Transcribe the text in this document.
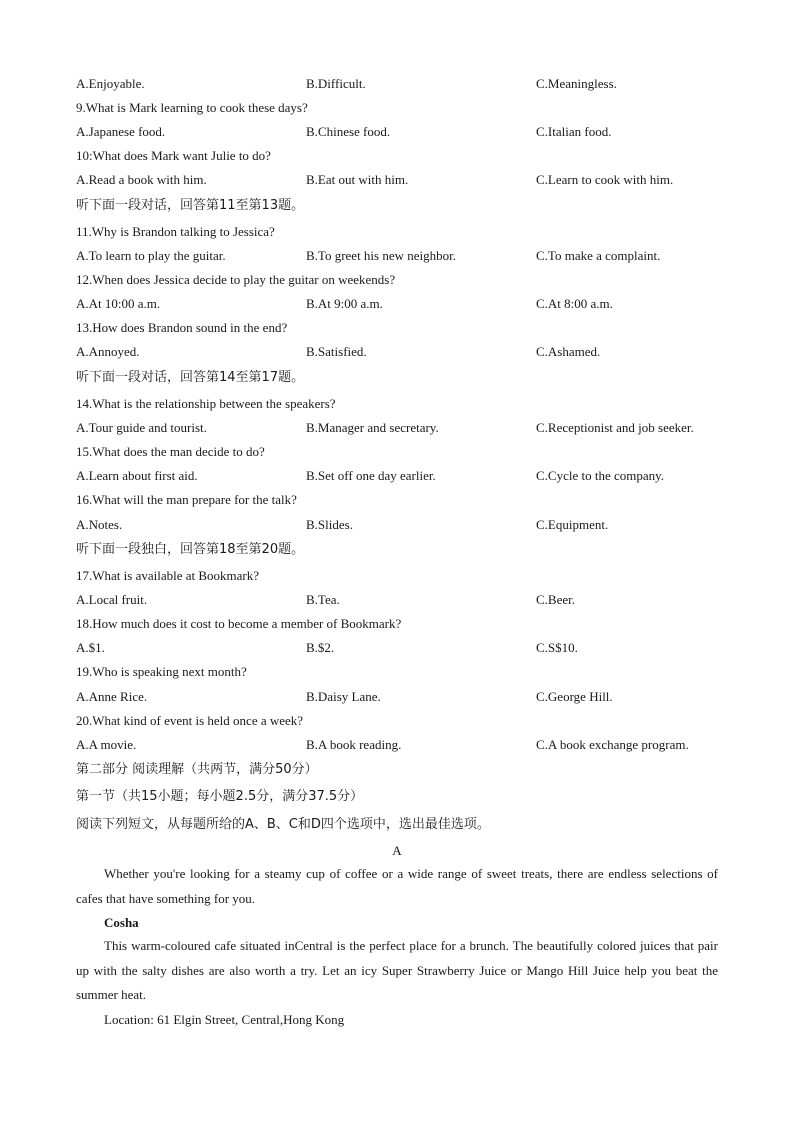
A.Enjoyable.	B.Difficult.	C.Meaningless.
9.What is Mark learning to cook these days?
A.Japanese food.	B.Chinese food.	C.Italian food.
10:What does Mark want Julie to do?
A.Read a book with him.	B.Eat out with him.	C.Learn to cook with him.
听下面一段对话，回答第11至第13题。
11.Why is Brandon talking to Jessica?
A.To learn to play the guitar.	B.To greet his new neighbor.	C.To make a complaint.
12.When does Jessica decide to play the guitar on weekends?
A.At 10:00 a.m.	B.At 9:00 a.m.	C.At 8:00 a.m.
13.How does Brandon sound in the end?
A.Annoyed.	B.Satisfied.	C.Ashamed.
听下面一段对话，回答第14至第17题。
14.What is the relationship between the speakers?
A.Tour guide and tourist.	B.Manager and secretary.	C.Receptionist and job seeker.
15.What does the man decide to do?
A.Learn about first aid.	B.Set off one day earlier.	C.Cycle to the company.
16.What will the man prepare for the talk?
A.Notes.	B.Slides.	C.Equipment.
听下面一段独白，回答第18至第20题。
17.What is available at Bookmark?
A.Local fruit.	B.Tea.	C.Beer.
18.How much does it cost to become a member of Bookmark?
A.$1.	B.$2.	C.S$10.
19.Who is speaking next month?
A.Anne Rice.	B.Daisy Lane.	C.George Hill.
20.What kind of event is held once a week?
A.A movie.	B.A book reading.	C.A book exchange program.
第二部分 阅读理解（共两节，满分50分）
第一节（共15小题；每小题2.5分，满分37.5分）
阅读下列短文，从每题所给的A、B、C和D四个选项中，选出最佳选项。
A
Whether you're looking for a steamy cup of coffee or a wide range of sweet treats, there are endless selections of cafes that have something for you.
Cosha
This warm-coloured cafe situated inCentral is the perfect place for a brunch. The beautifully colored juices that pair up with the salty dishes are also worth a try. Let an icy Super Strawberry Juice or Mango Hill Juice help you beat the summer heat.
Location: 61 Elgin Street, Central,Hong Kong
